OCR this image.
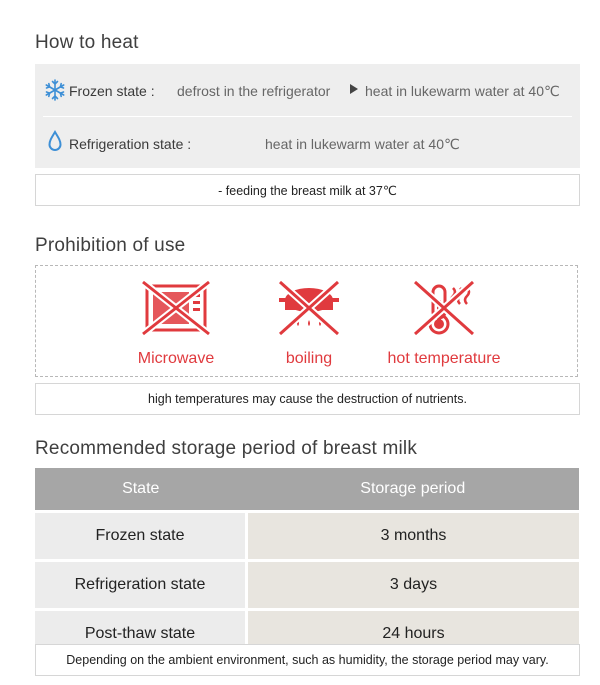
How to heat
Frozen state : defrost in the refrigerator heat in lukewarm water at 40℃
Refrigeration state :	heat in lukewarm water at 40℃
- feeding the breast milk at 37℃
Prohibition of use
Microwave	boiling	hot temperature
high temperatures may cause the destruction of nutrients.
Recommended storage period of breast milk
State	Storage period
Frozen state	3 months
Refrigeration state	3 days
Post-thaw state	24 hours
Depending on the ambient environment, such as humidity, the storage period may vary.
